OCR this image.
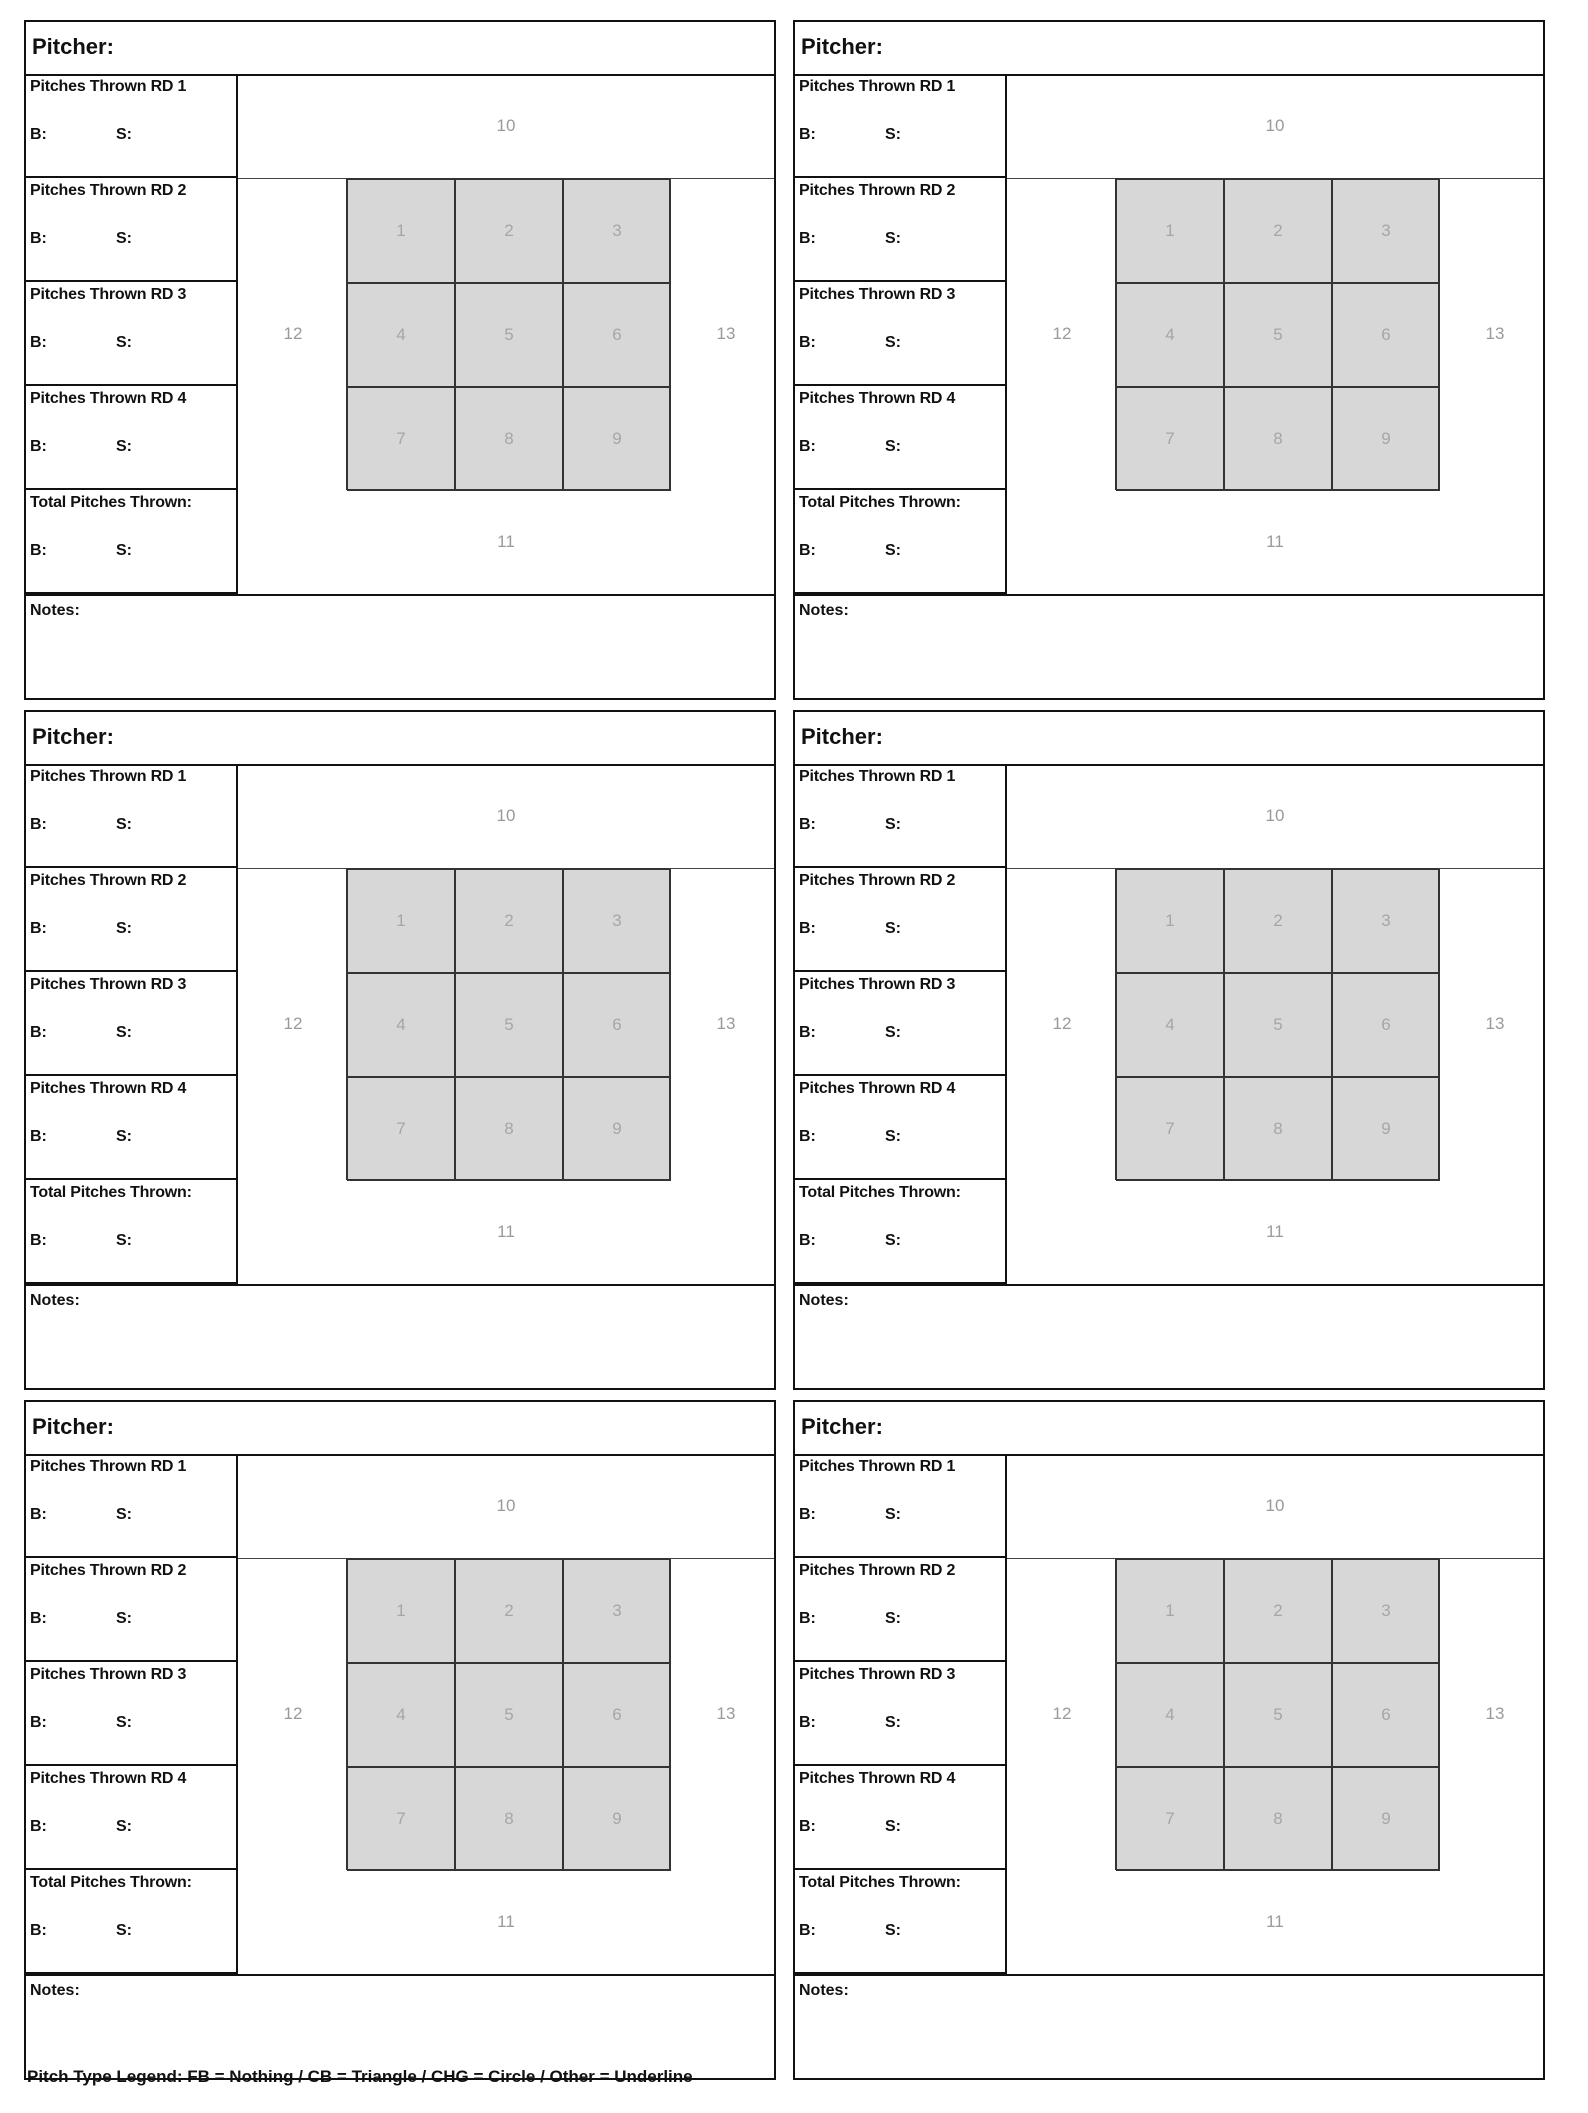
Pitcher:
Pitches Thrown RD 1
B:	S:
Pitches Thrown RD 2
B:	S:
Pitches Thrown RD 3
B:	S:
Pitches Thrown RD 4
B:	S:
Total Pitches Thrown:
B:	S:
10
11
12	13
1	2	3
4	5	6
7	8	9
Notes:
Pitcher:
Pitches Thrown RD 1
B:	S:
Pitches Thrown RD 2
B:	S:
Pitches Thrown RD 3
B:	S:
Pitches Thrown RD 4
B:	S:
Total Pitches Thrown:
B:	S:
10
11
12	13
1	2	3
4	5	6
7	8	9
Notes:
Pitcher:
Pitches Thrown RD 1
B:	S:
Pitches Thrown RD 2
B:	S:
Pitches Thrown RD 3
B:	S:
Pitches Thrown RD 4
B:	S:
Total Pitches Thrown:
B:	S:
10
11
12	13
1	2	3
4	5	6
7	8	9
Notes:
Pitcher:
Pitches Thrown RD 1
B:	S:
Pitches Thrown RD 2
B:	S:
Pitches Thrown RD 3
B:	S:
Pitches Thrown RD 4
B:	S:
Total Pitches Thrown:
B:	S:
10
11
12	13
1	2	3
4	5	6
7	8	9
Notes:
Pitcher:
Pitches Thrown RD 1
B:	S:
Pitches Thrown RD 2
B:	S:
Pitches Thrown RD 3
B:	S:
Pitches Thrown RD 4
B:	S:
Total Pitches Thrown:
B:	S:
10
11
12	13
1	2	3
4	5	6
7	8	9
Notes:
Pitcher:
Pitches Thrown RD 1
B:	S:
Pitches Thrown RD 2
B:	S:
Pitches Thrown RD 3
B:	S:
Pitches Thrown RD 4
B:	S:
Total Pitches Thrown:
B:	S:
10
11
12	13
1	2	3
4	5	6
7	8	9
Notes:
Pitch Type Legend: FB = Nothing / CB = Triangle / CHG = Circle / Other = Underline
